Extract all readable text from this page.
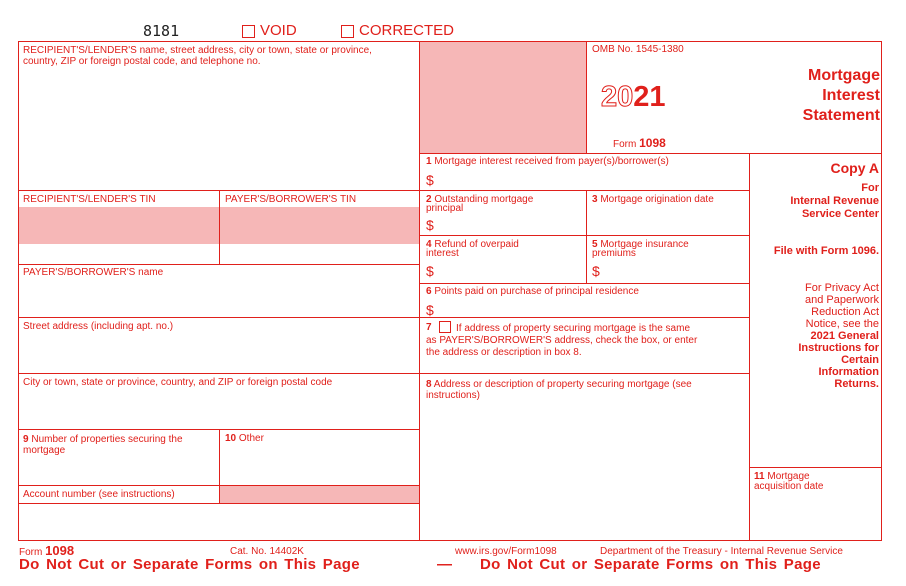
8181	VOID	CORRECTED
RECIPIENT'S/LENDER'S name, street address, city or town, state or province, country, ZIP or foreign postal code, and telephone no.
RECIPIENT'S/LENDER'S TIN	PAYER'S/BORROWER'S TIN
PAYER'S/BORROWER'S name
Street address (including apt. no.)
City or town, state or province, country, and ZIP or foreign postal code
9 Number of properties securing the mortgage
10 Other
Account number (see instructions)
OMB No. 1545-1380
2021
Form 1098
Mortgage
Interest
Statement
1 Mortgage interest received from payer(s)/borrower(s)
$
2 Outstanding mortgage
principal
$
3 Mortgage origination date
4 Refund of overpaid
interest
$
5 Mortgage insurance
premiums
$
6 Points paid on purchase of principal residence
$
7	If address of property securing mortgage is the same
as PAYER'S/BORROWER'S address, check the box, or enter
the address or description in box 8.
8 Address or description of property securing mortgage (see
instructions)
Copy A
For
Internal Revenue
Service Center
File with Form 1096.
For Privacy Act
and Paperwork
Reduction Act
Notice, see the
2021 General
Instructions for
Certain
Information
Returns.
11 Mortgage
acquisition date
Form 1098	Cat. No. 14402K	www.irs.gov/Form1098	Department of the Treasury - Internal Revenue Service
Do Not Cut or Separate Forms on This Page	— Do Not Cut or Separate Forms on This Page
